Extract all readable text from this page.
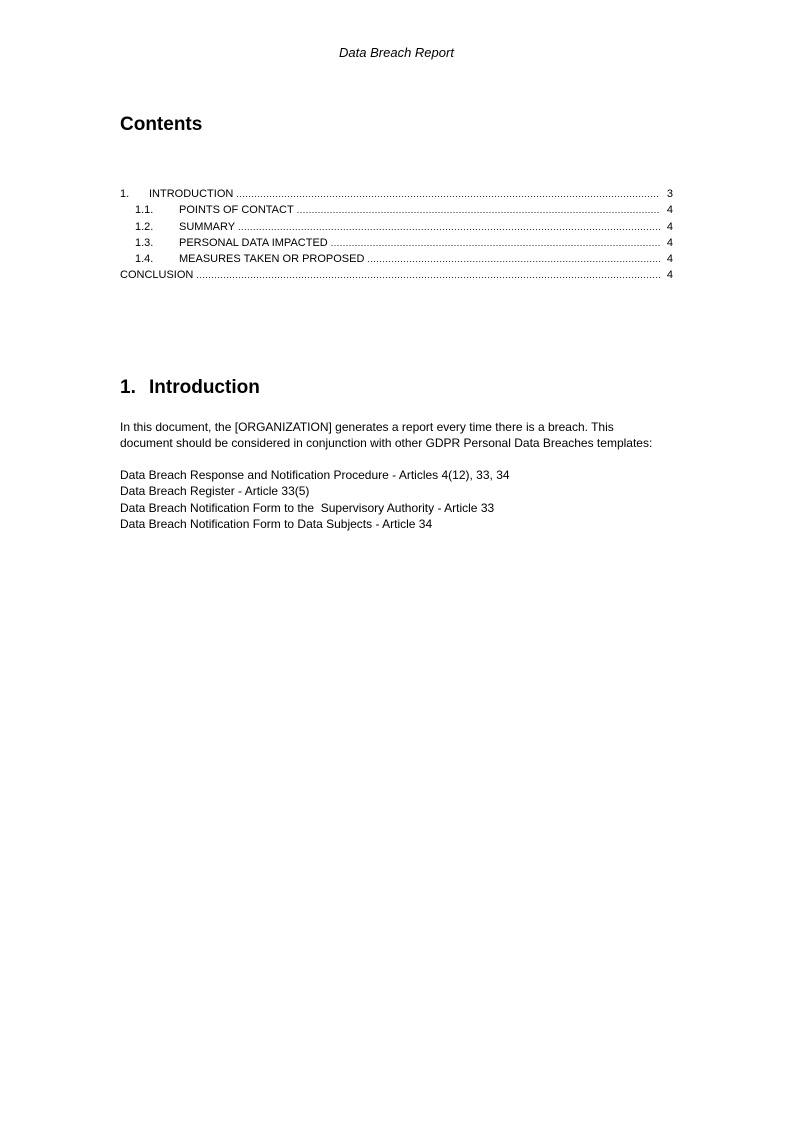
Data Breach Report
Contents
1.	INTRODUCTION .....	3
1.1.	POINTS OF CONTACT .....	4
1.2.	SUMMARY .....	4
1.3.	PERSONAL DATA IMPACTED .....	4
1.4.	MEASURES TAKEN OR PROPOSED .....	4
CONCLUSION .....	4
1. Introduction

In this document, the [ORGANIZATION] generates a report every time there is a breach. This

document should be considered in conjunction with other GDPR Personal Data Breaches templates:

Data Breach Response and Notification Procedure - Articles 4(12), 33, 34
Data Breach Register - Article 33(5)
Data Breach Notification Form to the  Supervisory Authority - Article 33
Data Breach Notification Form to Data Subjects - Article 34
